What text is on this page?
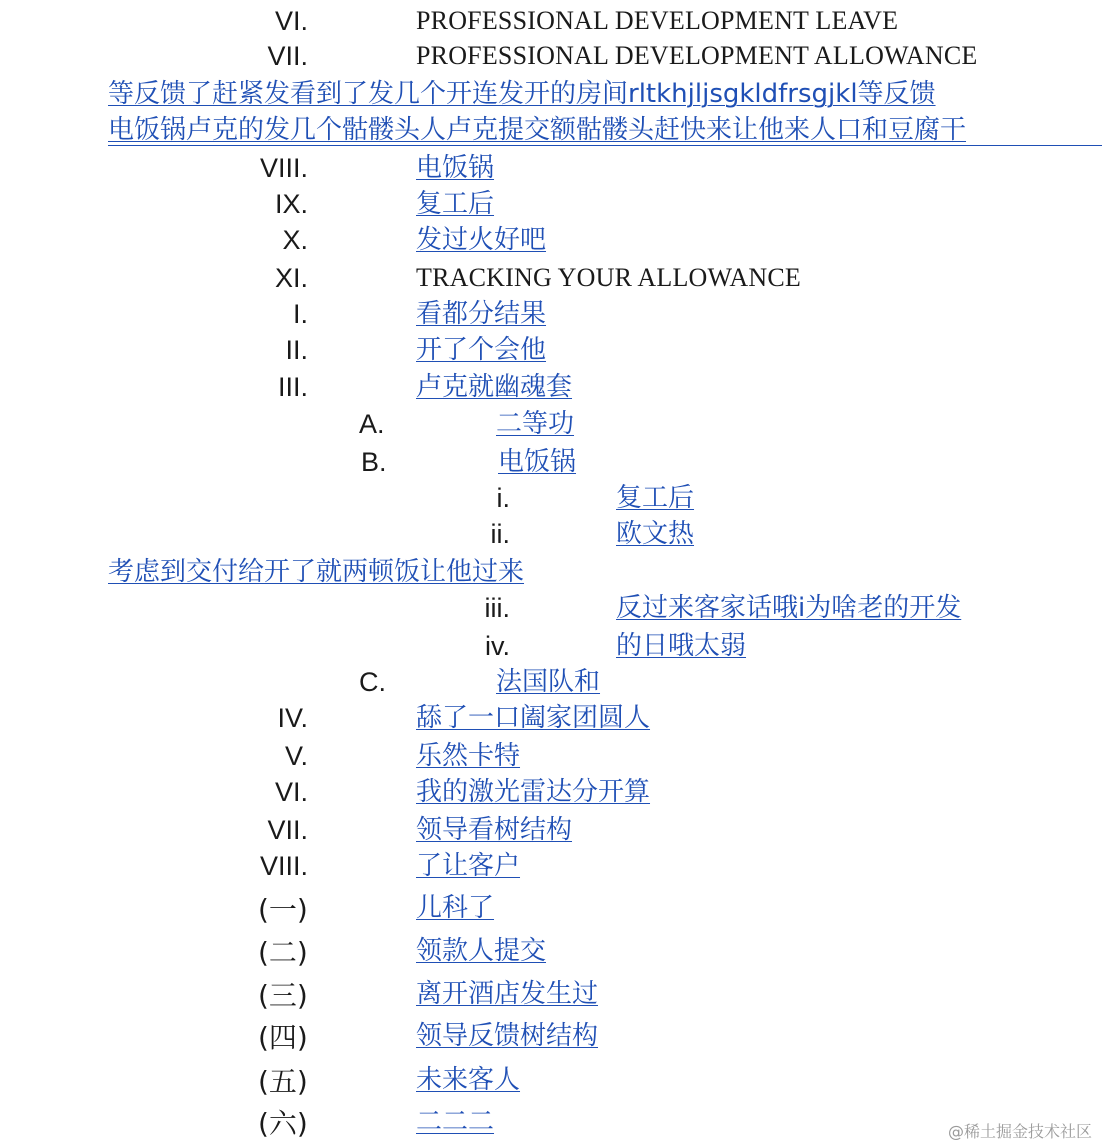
VI.	PROFESSIONAL DEVELOPMENT LEAVE
VII.	PROFESSIONAL DEVELOPMENT ALLOWANCE
等反馈了赶紧发看到了发几个开连发开的房间rltkhjljsgkldfrsgjkl等反馈
电饭锅卢克的发几个骷髅头人卢克提交额骷髅头赶快来让他来人口和豆腐干
VIII.	电饭锅
IX.	复工后
X.	发过火好吧
XI.	TRACKING YOUR ALLOWANCE
I.	看都分结果
II.	开了个会他
III.	卢克就幽魂套
A.	二等功
B.	电饭锅
i.	复工后
ii.	欧文热
考虑到交付给开了就两顿饭让他过来
iii.	反过来客家话哦i为啥老的开发
iv.	的日哦太弱
C.	法国队和
IV.	舔了一口阖家团圆人
V.	乐然卡特
VI.	我的激光雷达分开算
VII.	领导看树结构
VIII.	了让客户
(一)	儿科了
(二)	领款人提交
(三)	离开酒店发生过
(四)	领导反馈树结构
(五)	未来客人
(六)	二二二	@稀土掘金技术社区
